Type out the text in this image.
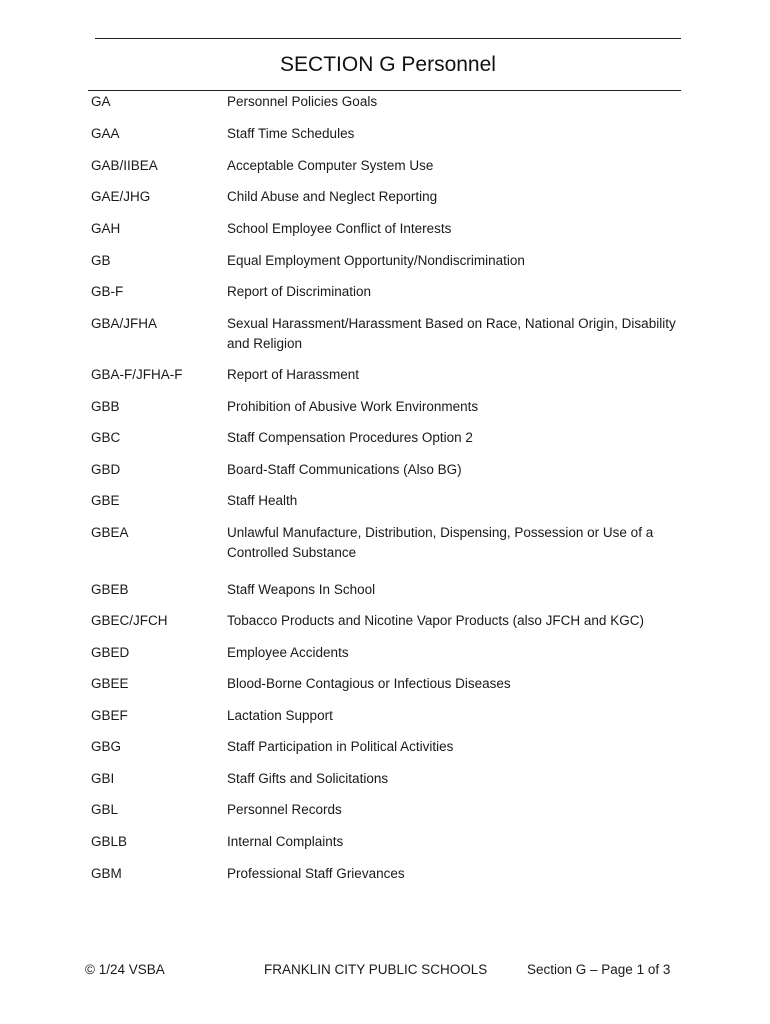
SECTION G Personnel
GA	Personnel Policies Goals
GAA	Staff Time Schedules
GAB/IIBEA	Acceptable Computer System Use
GAE/JHG	Child Abuse and Neglect Reporting
GAH	School Employee Conflict of Interests
GB	Equal Employment Opportunity/Nondiscrimination
GB-F	Report of Discrimination
GBA/JFHA	Sexual Harassment/Harassment Based on Race, National Origin, Disability and Religion
GBA-F/JFHA-F	Report of Harassment
GBB	Prohibition of Abusive Work Environments
GBC	Staff Compensation Procedures Option 2
GBD	Board-Staff Communications (Also BG)
GBE	Staff Health
GBEA	Unlawful Manufacture, Distribution, Dispensing, Possession or Use of a Controlled Substance
GBEB	Staff Weapons In School
GBEC/JFCH	Tobacco Products and Nicotine Vapor Products (also JFCH and KGC)
GBED	Employee Accidents
GBEE	Blood-Borne Contagious or Infectious Diseases
GBEF	Lactation Support
GBG	Staff Participation in Political Activities
GBI	Staff Gifts and Solicitations
GBL	Personnel Records
GBLB	Internal Complaints
GBM	Professional Staff Grievances
© 1/24 VSBA	FRANKLIN CITY PUBLIC SCHOOLS	Section G – Page 1 of 3
